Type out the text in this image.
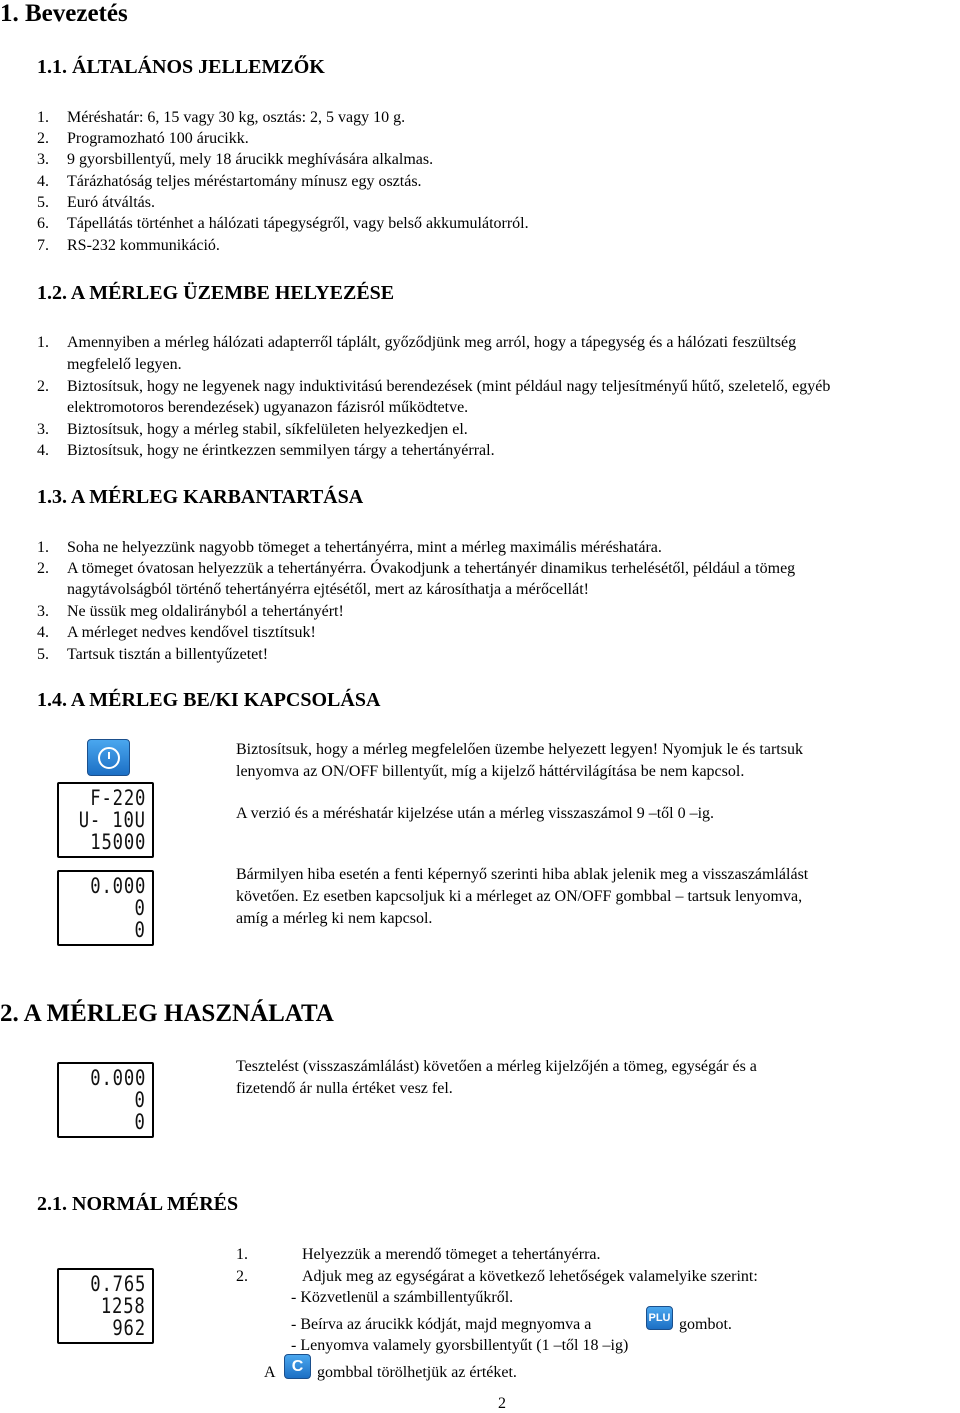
1. Bevezetés
1.1. ÁLTALÁNOS JELLEMZŐK
1. Méréshatár: 6, 15 vagy 30 kg, osztás: 2, 5 vagy 10 g.
2. Programozható 100 árucikk.
3. 9 gyorsbillentyű, mely 18 árucikk meghívására alkalmas.
4. Tárázhatóság teljes méréstartomány mínusz egy osztás.
5. Euró átváltás.
6. Tápellátás történhet a hálózati tápegységről, vagy belső akkumulátorról.
7. RS-232 kommunikáció.
1.2. A MÉRLEG ÜZEMBE HELYEZÉSE
1. Amennyiben a mérleg hálózati adapterről táplált, győződjünk meg arról, hogy a tápegység és a hálózati feszültség
megfelelő legyen.
2. Biztosítsuk, hogy ne legyenek nagy induktivitású berendezések (mint például nagy teljesítményű hűtő, szeletelő, egyéb
elektromotoros berendezések) ugyanazon fázisról működtetve.
3. Biztosítsuk, hogy a mérleg stabil, síkfelületen helyezkedjen el.
4. Biztosítsuk, hogy ne érintkezzen semmilyen tárgy a tehertányérral.
1.3. A MÉRLEG KARBANTARTÁSA
1. Soha ne helyezzünk nagyobb tömeget a tehertányérra, mint a mérleg maximális méréshatára.
2. A tömeget óvatosan helyezzük a tehertányérra. Óvakodjunk a tehertányér dinamikus terhelésétől, például a tömeg
nagytávolságból történő tehertányérra ejtésétől, mert az károsíthatja a mérőcellát!
3. Ne üssük meg oldalirányból a tehertányért!
4. A mérleget nedves kendővel tisztítsuk!
5. Tartsuk tisztán a billentyűzetet!
1.4. A MÉRLEG BE/KI KAPCSOLÁSA
F-220
U- 10U
15000
0.000
0
0
Biztosítsuk, hogy a mérleg megfelelően üzembe helyezett legyen! Nyomjuk le és tartsuk
lenyomva az ON/OFF billentyűt, míg a kijelző háttérvilágítása be nem kapcsol.
A verzió és a méréshatár kijelzése után a mérleg visszaszámol 9 –től 0 –ig.
Bármilyen hiba esetén a fenti képernyő szerinti hiba ablak jelenik meg a visszaszámlálást
követően. Ez esetben kapcsoljuk ki a mérleget az ON/OFF gombbal – tartsuk lenyomva,
amíg a mérleg ki nem kapcsol.
2. A MÉRLEG HASZNÁLATA
0.000
0
0
Tesztelést (visszaszámlálást) követően a mérleg kijelzőjén a tömeg, egységár és a
fizetendő ár nulla értéket vesz fel.
2.1. NORMÁL MÉRÉS
0.765
1258
962
1.	Helyezzük a merendő tömeget a tehertányérra.
2.	Adjuk meg az egységárat a következő lehetőségek valamelyike szerint:
- Közvetlenül a számbillentyűkről.
- Beírva az árucikk kódját, majd megnyomva a	PLU gombot.
- Lenyomva valamely gyorsbillentyűt (1 –től 18 –ig)
A C gombbal törölhetjük az értéket.
2
